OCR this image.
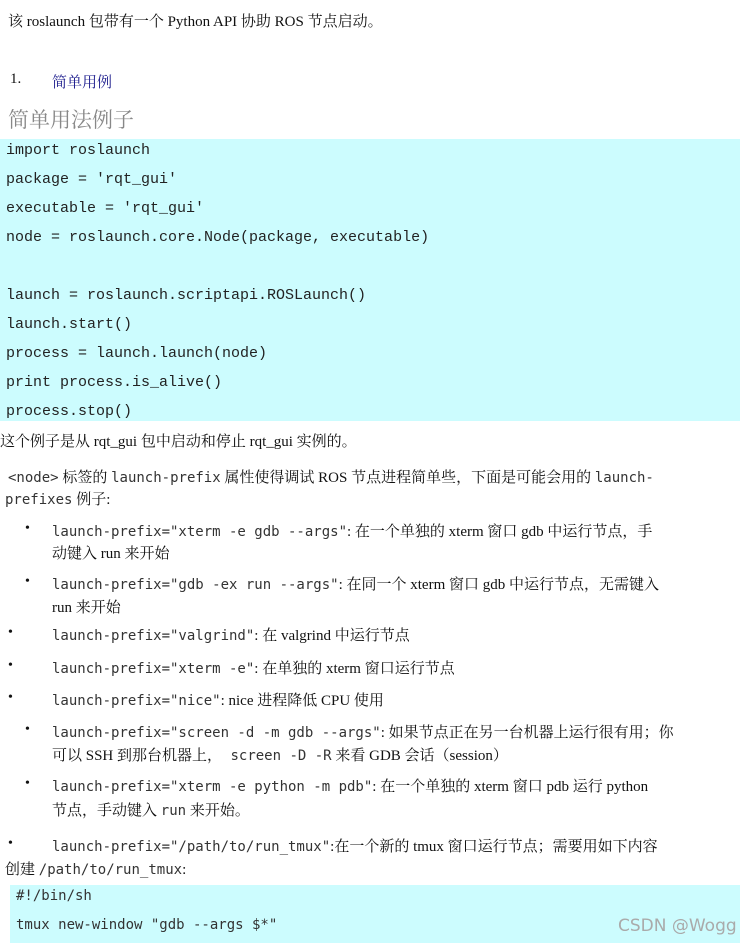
该 roslaunch 包带有一个 Python API 协助 ROS 节点启动。
1. 简单用例
简单用法例子
import roslaunch
package = 'rqt_gui'
executable = 'rqt_gui'
node = roslaunch.core.Node(package, executable)
launch = roslaunch.scriptapi.ROSLaunch()
launch.start()
process = launch.launch(node)
print process.is_alive()
process.stop()
这个例子是从 rqt_gui 包中启动和停止 rqt_gui 实例的。
<node> 标签的 launch-prefix 属性使得调试 ROS 节点进程简单些，下面是可能会用的 launch-
prefixes 例子:
• launch-prefix="xterm -e gdb --args": 在一个单独的 xterm 窗口 gdb 中运行节点，手
动键入 run 来开始
• launch-prefix="gdb -ex run --args": 在同一个 xterm 窗口 gdb 中运行节点，无需键入
run 来开始
•	launch-prefix="valgrind": 在 valgrind 中运行节点
•	launch-prefix="xterm -e": 在单独的 xterm 窗口运行节点
•	launch-prefix="nice": nice 进程降低 CPU 使用
• launch-prefix="screen -d -m gdb --args": 如果节点正在另一台机器上运行很有用；你
可以 SSH 到那台机器上， screen -D -R 来看 GDB 会话（session）
• launch-prefix="xterm -e python -m pdb": 在一个单独的 xterm 窗口 pdb 运行 python
节点，手动键入 run 来开始。
•	launch-prefix="/path/to/run_tmux":在一个新的 tmux 窗口运行节点；需要用如下内容
创建 /path/to/run_tmux:
#!/bin/sh
tmux new-window "gdb --args $*"	CSDN @Wogg
